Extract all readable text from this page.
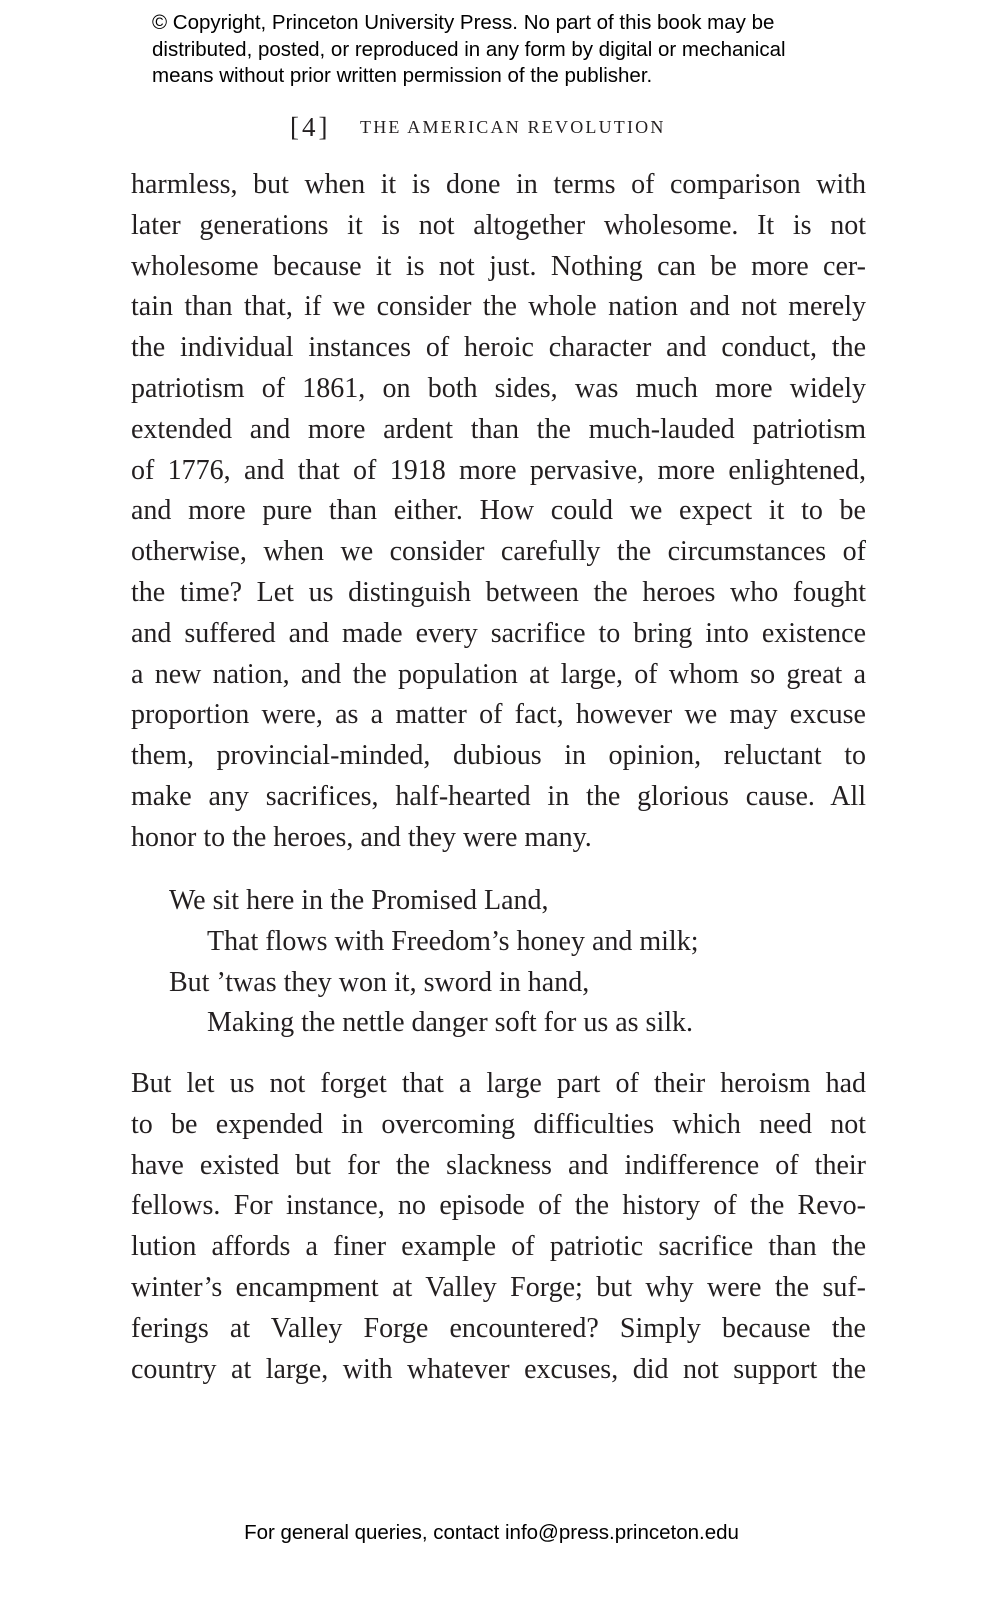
© Copyright, Princeton University Press. No part of this book may be
distributed, posted, or reproduced in any form by digital or mechanical
means without prior written permission of the publisher.
[4] THE AMERICAN REVOLUTION
harmless, but when it is done in terms of comparison with
later generations it is not altogether wholesome. It is not
wholesome because it is not just. Nothing can be more cer-
tain than that, if we consider the whole nation and not merely
the individual instances of heroic character and conduct, the
patriotism of 1861, on both sides, was much more widely
extended and more ardent than the much-lauded patriotism
of 1776, and that of 1918 more pervasive, more enlightened,
and more pure than either. How could we expect it to be
otherwise, when we consider carefully the circumstances of
the time? Let us distinguish between the heroes who fought
and suffered and made every sacrifice to bring into existence
a new nation, and the population at large, of whom so great a
proportion were, as a matter of fact, however we may excuse
them, provincial-minded, dubious in opinion, reluctant to
make any sacrifices, half-hearted in the glorious cause. All
honor to the heroes, and they were many.
We sit here in the Promised Land,
That flows with Freedom’s honey and milk;
But ’twas they won it, sword in hand,
Making the nettle danger soft for us as silk.
But let us not forget that a large part of their heroism had
to be expended in overcoming difficulties which need not
have existed but for the slackness and indifference of their
fellows. For instance, no episode of the history of the Revo-
lution affords a finer example of patriotic sacrifice than the
winter’s encampment at Valley Forge; but why were the suf-
ferings at Valley Forge encountered? Simply because the
country at large, with whatever excuses, did not support the
For general queries, contact info@press.princeton.edu
